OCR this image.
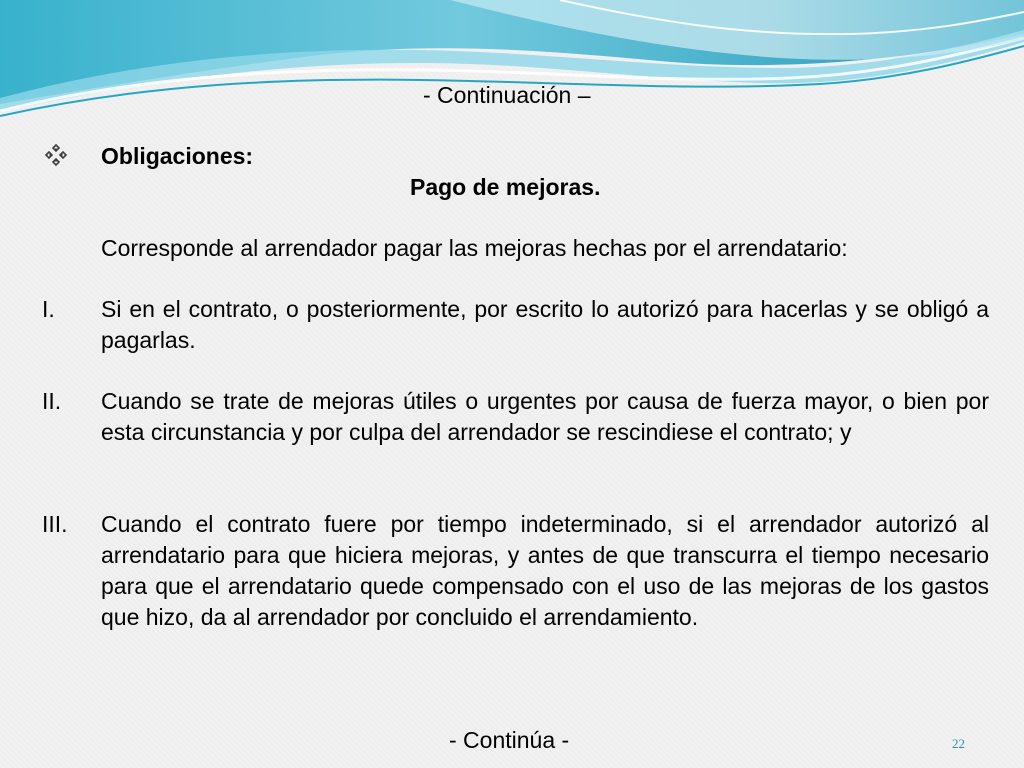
- Continuación –
Obligaciones:
Pago de mejoras.
Corresponde al arrendador pagar las mejoras hechas por el arrendatario:
I. Si en el contrato, o posteriormente, por escrito lo autorizó para hacerlas y se obligó a pagarlas.
II. Cuando se trate de mejoras útiles o urgentes por causa de fuerza mayor, o bien por esta circunstancia y por culpa del arrendador se rescindiese el contrato; y
III. Cuando el contrato fuere por tiempo indeterminado, si el arrendador autorizó al arrendatario para que hiciera mejoras, y antes de que transcurra el tiempo necesario para que el arrendatario quede compensado con el uso de las mejoras de los gastos que hizo, da al arrendador por concluido el arrendamiento.
- Continúa -	22
